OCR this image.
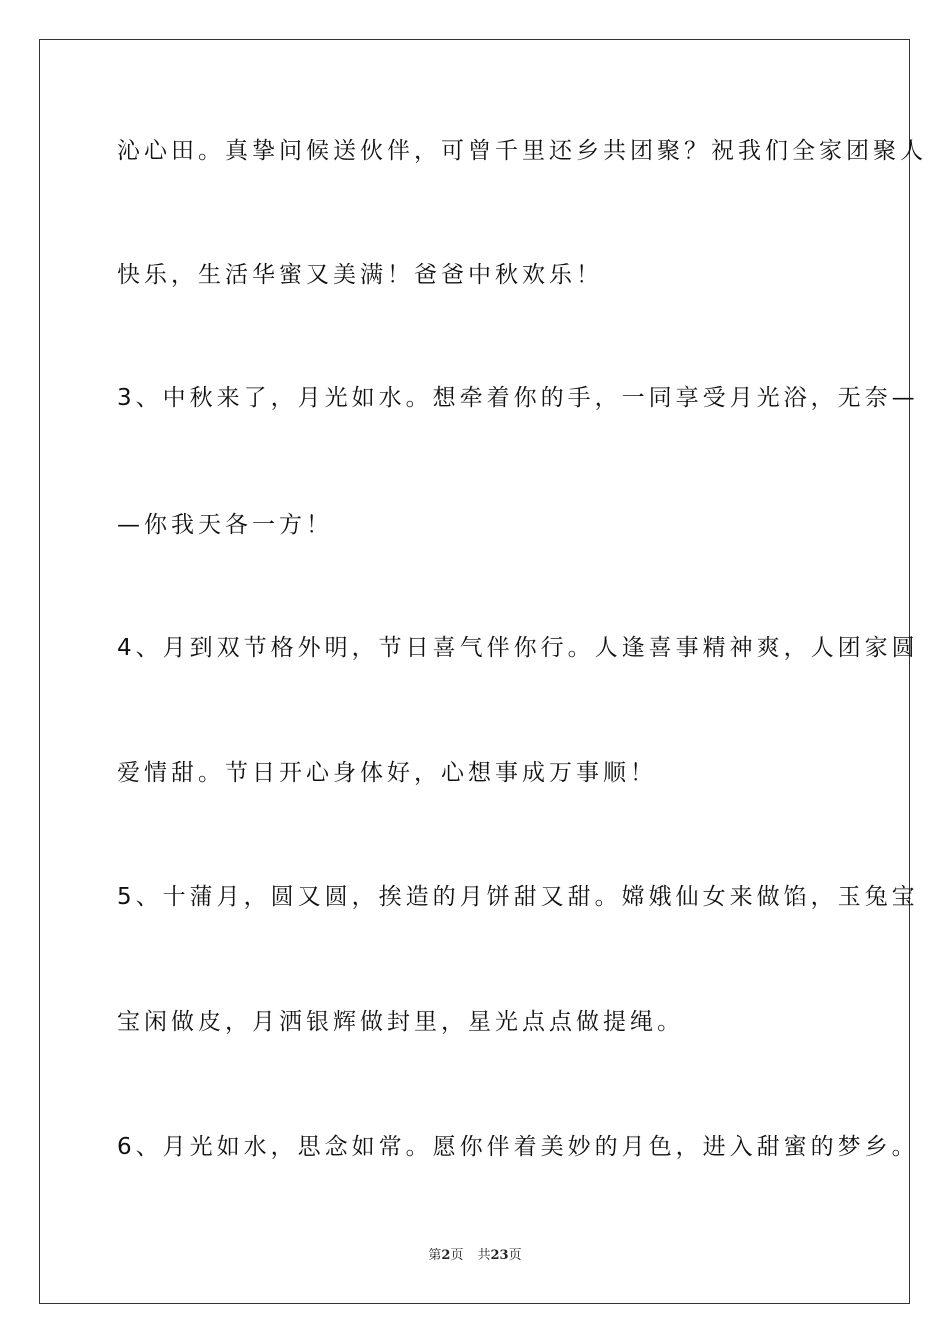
沁心田。真挚问候送伙伴，可曾千里还乡共团聚？祝我们全家团聚人

快乐，生活华蜜又美满！爸爸中秋欢乐！

3、中秋来了，月光如水。想牵着你的手，一同享受月光浴，无奈—

—你我天各一方！

4、月到双节格外明，节日喜气伴你行。人逢喜事精神爽，人团家圆

爱情甜。节日开心身体好，心想事成万事顺！

5、十蒲月，圆又圆，挨造的月饼甜又甜。嫦娥仙女来做馅，玉兔宝

宝闲做皮，月洒银辉做封里，星光点点做提绳。

6、月光如水，思念如常。愿你伴着美妙的月色，进入甜蜜的梦乡。

第2页 共23页
